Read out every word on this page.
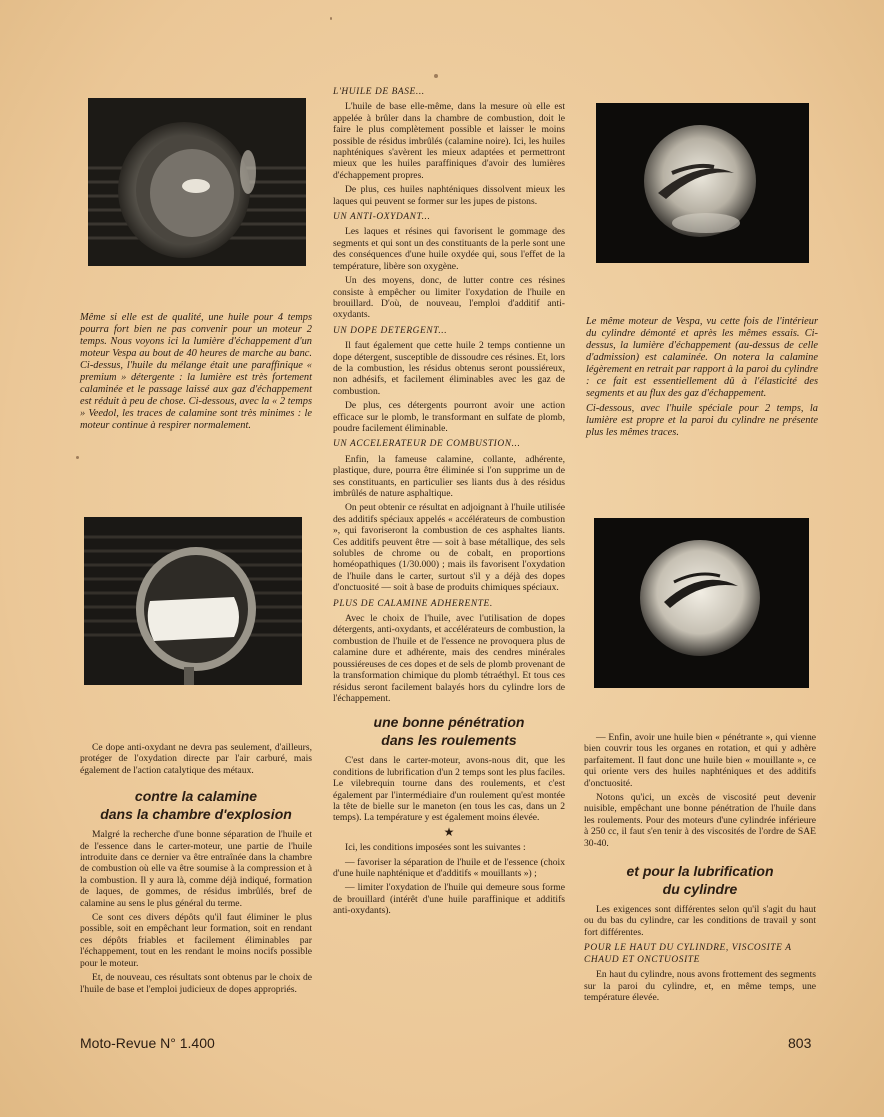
Même si elle est de qualité, une huile pour 4 temps pourra fort bien ne pas convenir pour un moteur 2 temps. Nous voyons ici la lumière d'échappement d'un moteur Vespa au bout de 40 heures de marche au banc. Ci-dessus, l'huile du mélange était une paraffinique « premium » détergente : la lumière est très fortement calaminée et le passage laissé aux gaz d'échappement est réduit à peu de chose. Ci-dessous, avec la « 2 temps » Veedol, les traces de calamine sont très minimes : le moteur continue à respirer normalement.

Le même moteur de Vespa, vu cette fois de l'intérieur du cylindre démonté et après les mêmes essais. Ci-dessus, la lumière d'échappement (au-dessus de celle d'admission) est calaminée. On notera la calamine légèrement en retrait par rapport à la paroi du cylindre : ce fait est essentiellement dû à l'élasticité des segments et au flux des gaz d'échappement.

Ci-dessous, avec l'huile spéciale pour 2 temps, la lumière est propre et la paroi du cylindre ne présente plus les mêmes traces.

Ce dope anti-oxydant ne devra pas seulement, d'ailleurs, protéger de l'oxydation directe par l'air carburé, mais également de l'action catalytique des métaux.

contre la calamine
dans la chambre d'explosion

Malgré la recherche d'une bonne séparation de l'huile et de l'essence dans le carter-moteur, une partie de l'huile introduite dans ce dernier va être entraînée dans la chambre de combustion où elle va être soumise à la compression et à la combustion. Il y aura là, comme déjà indiqué, formation de laques, de gommes, de résidus imbrûlés, bref de calamine au sens le plus général du terme.

Ce sont ces divers dépôts qu'il faut éliminer le plus possible, soit en empêchant leur formation, soit en rendant ces dépôts friables et facilement éliminables par l'échappement, tout en les rendant le moins nocifs possible pour le moteur.

Et, de nouveau, ces résultats sont obtenus par le choix de l'huile de base et l'emploi judicieux de dopes appropriés.

L'HUILE DE BASE...

L'huile de base elle-même, dans la mesure où elle est appelée à brûler dans la chambre de combustion, doit le faire le plus complètement possible et laisser le moins possible de résidus imbrûlés (calamine noire). Ici, les huiles naphténiques s'avèrent les mieux adaptées et permettront mieux que les huiles paraffiniques d'avoir des lumières d'échappement propres.

De plus, ces huiles naphténiques dissolvent mieux les laques qui peuvent se former sur les jupes de pistons.

UN ANTI-OXYDANT...

Les laques et résines qui favorisent le gommage des segments et qui sont un des constituants de la perle sont une des conséquences d'une huile oxydée qui, sous l'effet de la température, libère son oxygène.

Un des moyens, donc, de lutter contre ces résines consiste à empêcher ou limiter l'oxydation de l'huile en brouillard. D'où, de nouveau, l'emploi d'additif anti-oxydants.

UN DOPE DETERGENT...

Il faut également que cette huile 2 temps contienne un dope détergent, susceptible de dissoudre ces résines. Et, lors de la combustion, les résidus obtenus seront poussiéreux, non adhésifs, et facilement éliminables avec les gaz de combustion.

De plus, ces détergents pourront avoir une action efficace sur le plomb, le transformant en sulfate de plomb, poudre facilement éliminable.

UN ACCELERATEUR DE COMBUSTION...

Enfin, la fameuse calamine, collante, adhérente, plastique, dure, pourra être éliminée si l'on supprime un de ses constituants, en particulier ses liants dus à des résidus imbrûlés de nature asphaltique.

On peut obtenir ce résultat en adjoignant à l'huile utilisée des additifs spéciaux appelés « accélérateurs de combustion », qui favoriseront la combustion de ces asphaltes liants. Ces additifs peuvent être — soit à base métallique, des sels solubles de chrome ou de cobalt, en proportions homéopathiques (1/30.000) ; mais ils favorisent l'oxydation de l'huile dans le carter, surtout s'il y a déjà des dopes d'onctuosité — soit à base de produits chimiques spéciaux.

PLUS DE CALAMINE ADHERENTE.

Avec le choix de l'huile, avec l'utilisation de dopes détergents, anti-oxydants, et accélérateurs de combustion, la combustion de l'huile et de l'essence ne provoquera plus de calamine dure et adhérente, mais des cendres minérales poussiéreuses de ces dopes et de sels de plomb provenant de la transformation chimique du plomb tétraéthyl. Et tous ces résidus seront facilement balayés hors du cylindre lors de l'échappement.

une bonne pénétration
dans les roulements

C'est dans le carter-moteur, avons-nous dit, que les conditions de lubrification d'un 2 temps sont les plus faciles. Le vilebrequin tourne dans des roulements, et c'est également par l'intermédiaire d'un roulement qu'est montée la tête de bielle sur le maneton (en tous les cas, dans un 2 temps). La température y est également moins élevée.

★

Ici, les conditions imposées sont les suivantes :

— favoriser la séparation de l'huile et de l'essence (choix d'une huile naphténique et d'additifs « mouillants ») ;

— limiter l'oxydation de l'huile qui demeure sous forme de brouillard (intérêt d'une huile paraffinique et additifs anti-oxydants).

— Enfin, avoir une huile bien « pénétrante », qui vienne bien couvrir tous les organes en rotation, et qui y adhère parfaitement. Il faut donc une huile bien « mouillante », ce qui oriente vers des huiles naphténiques et des additifs d'onctuosité.

Notons qu'ici, un excès de viscosité peut devenir nuisible, empêchant une bonne pénétration de l'huile dans les roulements. Pour des moteurs d'une cylindrée inférieure à 250 cc, il faut s'en tenir à des viscosités de l'ordre de SAE 30-40.

et pour la lubrification
du cylindre

Les exigences sont différentes selon qu'il s'agit du haut ou du bas du cylindre, car les conditions de travail y sont fort différentes.

POUR LE HAUT DU CYLINDRE, VISCOSITE A CHAUD ET ONCTUOSITE

En haut du cylindre, nous avons frottement des segments sur la paroi du cylindre, et, en même temps, une température élevée.

Moto-Revue N° 1.400	803
